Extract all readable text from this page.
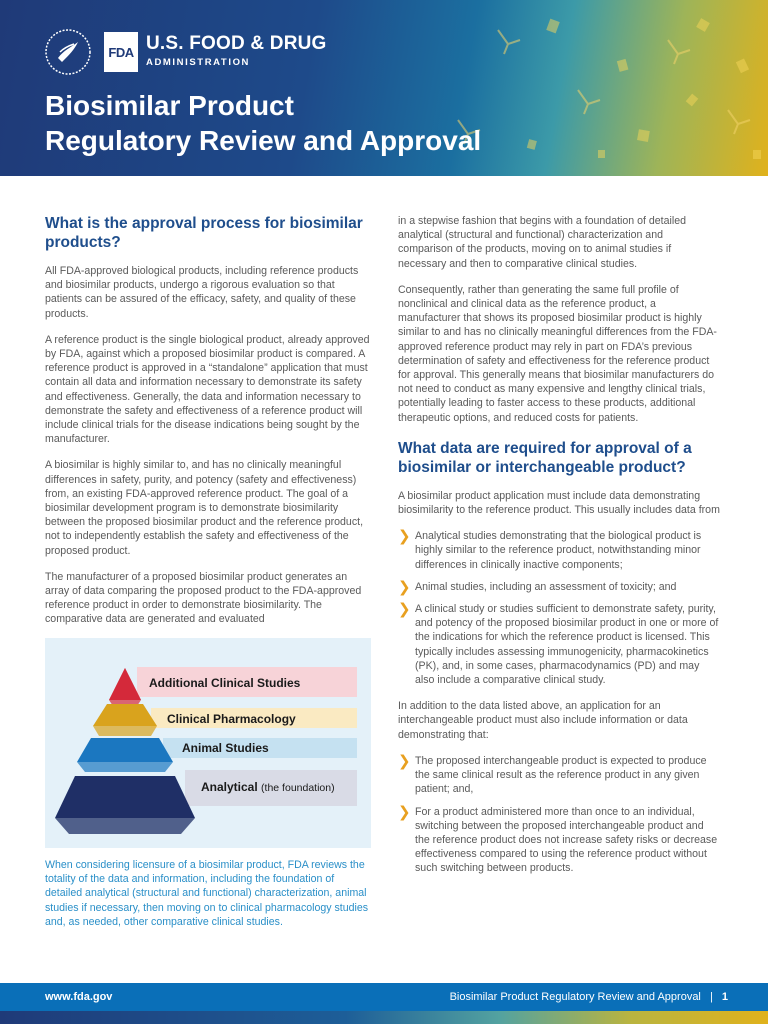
FDA U.S. FOOD & DRUG
ADMINISTRATION
Biosimilar Product
Regulatory Review and Approval
What is the approval process for biosimilar products?

All FDA-approved biological products, including reference products and biosimilar products, undergo a rigorous evaluation so that patients can be assured of the efficacy, safety, and quality of these products.

A reference product is the single biological product, already approved by FDA, against which a proposed biosimilar product is compared. A reference product is approved in a “standalone” application that must contain all data and information necessary to demonstrate its safety and effectiveness. Generally, the data and information necessary to demonstrate the safety and effectiveness of a reference product will include clinical trials for the disease indications being sought by the manufacturer.

A biosimilar is highly similar to, and has no clinically meaningful differences in safety, purity, and potency (safety and effectiveness) from, an existing FDA-approved reference product. The goal of a biosimilar development program is to demonstrate biosimilarity between the proposed biosimilar product and the reference product, not to independently establish the safety and effectiveness of the proposed product.

The manufacturer of a proposed biosimilar product generates an array of data comparing the proposed product to the FDA-approved reference product in order to demonstrate biosimilarity. The comparative data are generated and evaluated

Additional Clinical Studies
Clinical Pharmacology
Animal Studies
Analytical (the foundation)

When considering licensure of a biosimilar product, FDA reviews the totality of the data and information, including the foundation of detailed analytical (structural and functional) characterization, animal studies if necessary, then moving on to clinical pharmacology studies and, as needed, other comparative clinical studies.

in a stepwise fashion that begins with a foundation of detailed analytical (structural and functional) characterization and comparison of the products, moving on to animal studies if necessary and then to comparative clinical studies.

Consequently, rather than generating the same full profile of nonclinical and clinical data as the reference product, a manufacturer that shows its proposed biosimilar product is highly similar to and has no clinically meaningful differences from the FDA-approved reference product may rely in part on FDA’s previous determination of safety and effectiveness for the reference product for approval. This generally means that biosimilar manufacturers do not need to conduct as many expensive and lengthy clinical trials, potentially leading to faster access to these products, additional therapeutic options, and reduced costs for patients.

What data are required for approval of a biosimilar or interchangeable product?

A biosimilar product application must include data demonstrating biosimilarity to the reference product. This usually includes data from

❯ Analytical studies demonstrating that the biological product is highly similar to the reference product, notwithstanding minor differences in clinically inactive components;
❯ Animal studies, including an assessment of toxicity; and
❯ A clinical study or studies sufficient to demonstrate safety, purity, and potency of the proposed biosimilar product in one or more of the indications for which the reference product is licensed. This typically includes assessing immunogenicity, pharmacokinetics (PK), and, in some cases, pharmacodynamics (PD) and may also include a comparative clinical study.

In addition to the data listed above, an application for an interchangeable product must also include information or data demonstrating that:

❯ The proposed interchangeable product is expected to produce the same clinical result as the reference product in any given patient; and,
❯ For a product administered more than once to an individual, switching between the proposed interchangeable product and the reference product does not increase safety risks or decrease effectiveness compared to using the reference product without such switching between products.
www.fda.gov	Biosimilar Product Regulatory Review and Approval | 1
